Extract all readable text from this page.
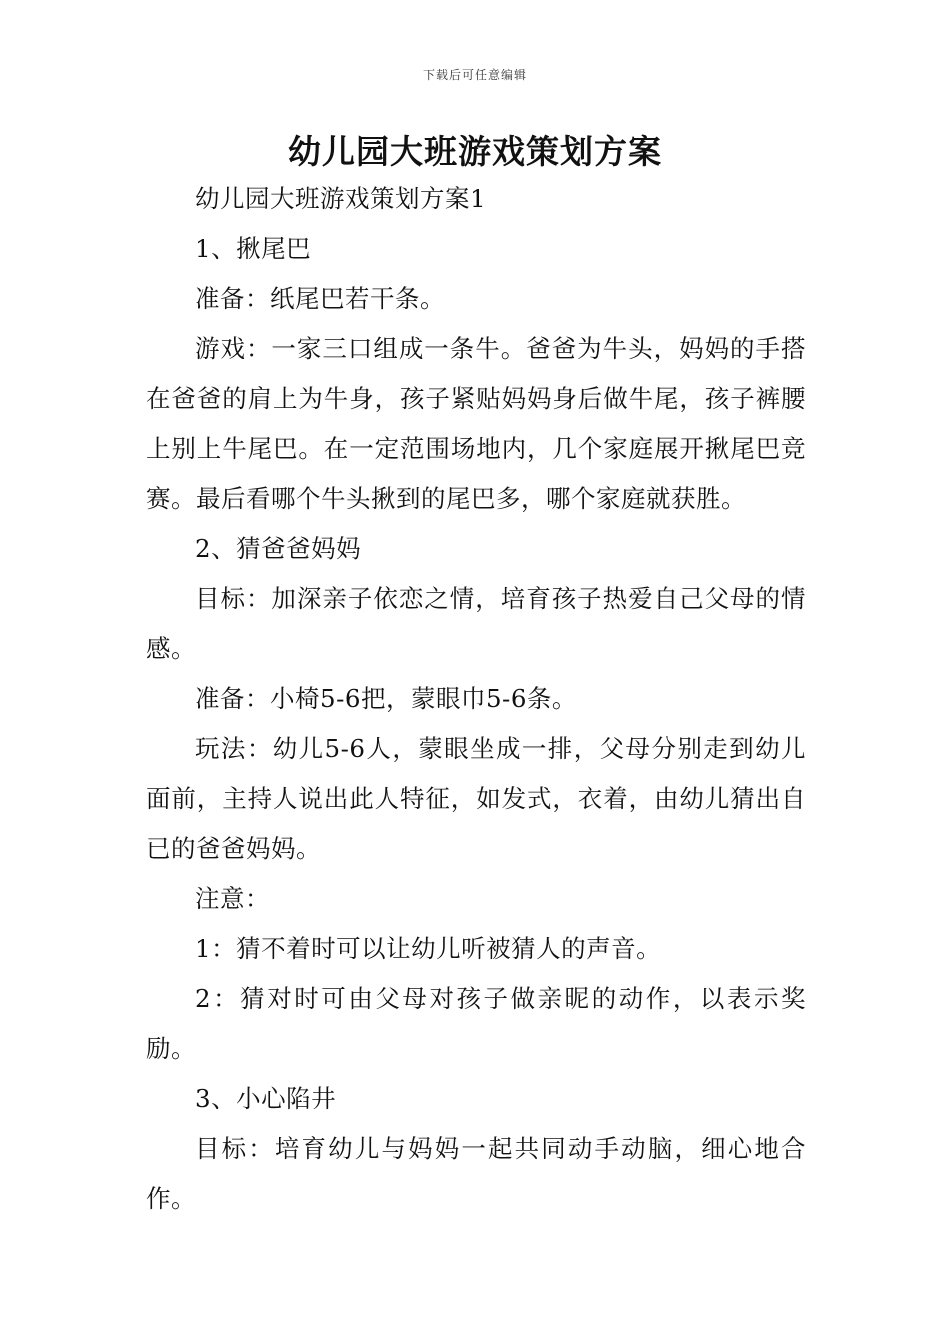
下载后可任意编辑
幼儿园大班游戏策划方案

幼儿园大班游戏策划方案1

1、揪尾巴

准备：纸尾巴若干条。

游戏：一家三口组成一条牛。爸爸为牛头，妈妈的手搭在爸爸的肩上为牛身，孩子紧贴妈妈身后做牛尾，孩子裤腰上别上牛尾巴。在一定范围场地内，几个家庭展开揪尾巴竞赛。最后看哪个牛头揪到的尾巴多，哪个家庭就获胜。

2、猜爸爸妈妈

目标：加深亲子依恋之情，培育孩子热爱自己父母的情感。

准备：小椅5-6把，蒙眼巾5-6条。

玩法：幼儿5-6人，蒙眼坐成一排，父母分别走到幼儿面前，主持人说出此人特征，如发式，衣着，由幼儿猜出自已的爸爸妈妈。

注意：

1：猜不着时可以让幼儿听被猜人的声音。

2：猜对时可由父母对孩子做亲昵的动作，以表示奖励。

3、小心陷井

目标：培育幼儿与妈妈一起共同动手动脑，细心地合作。
